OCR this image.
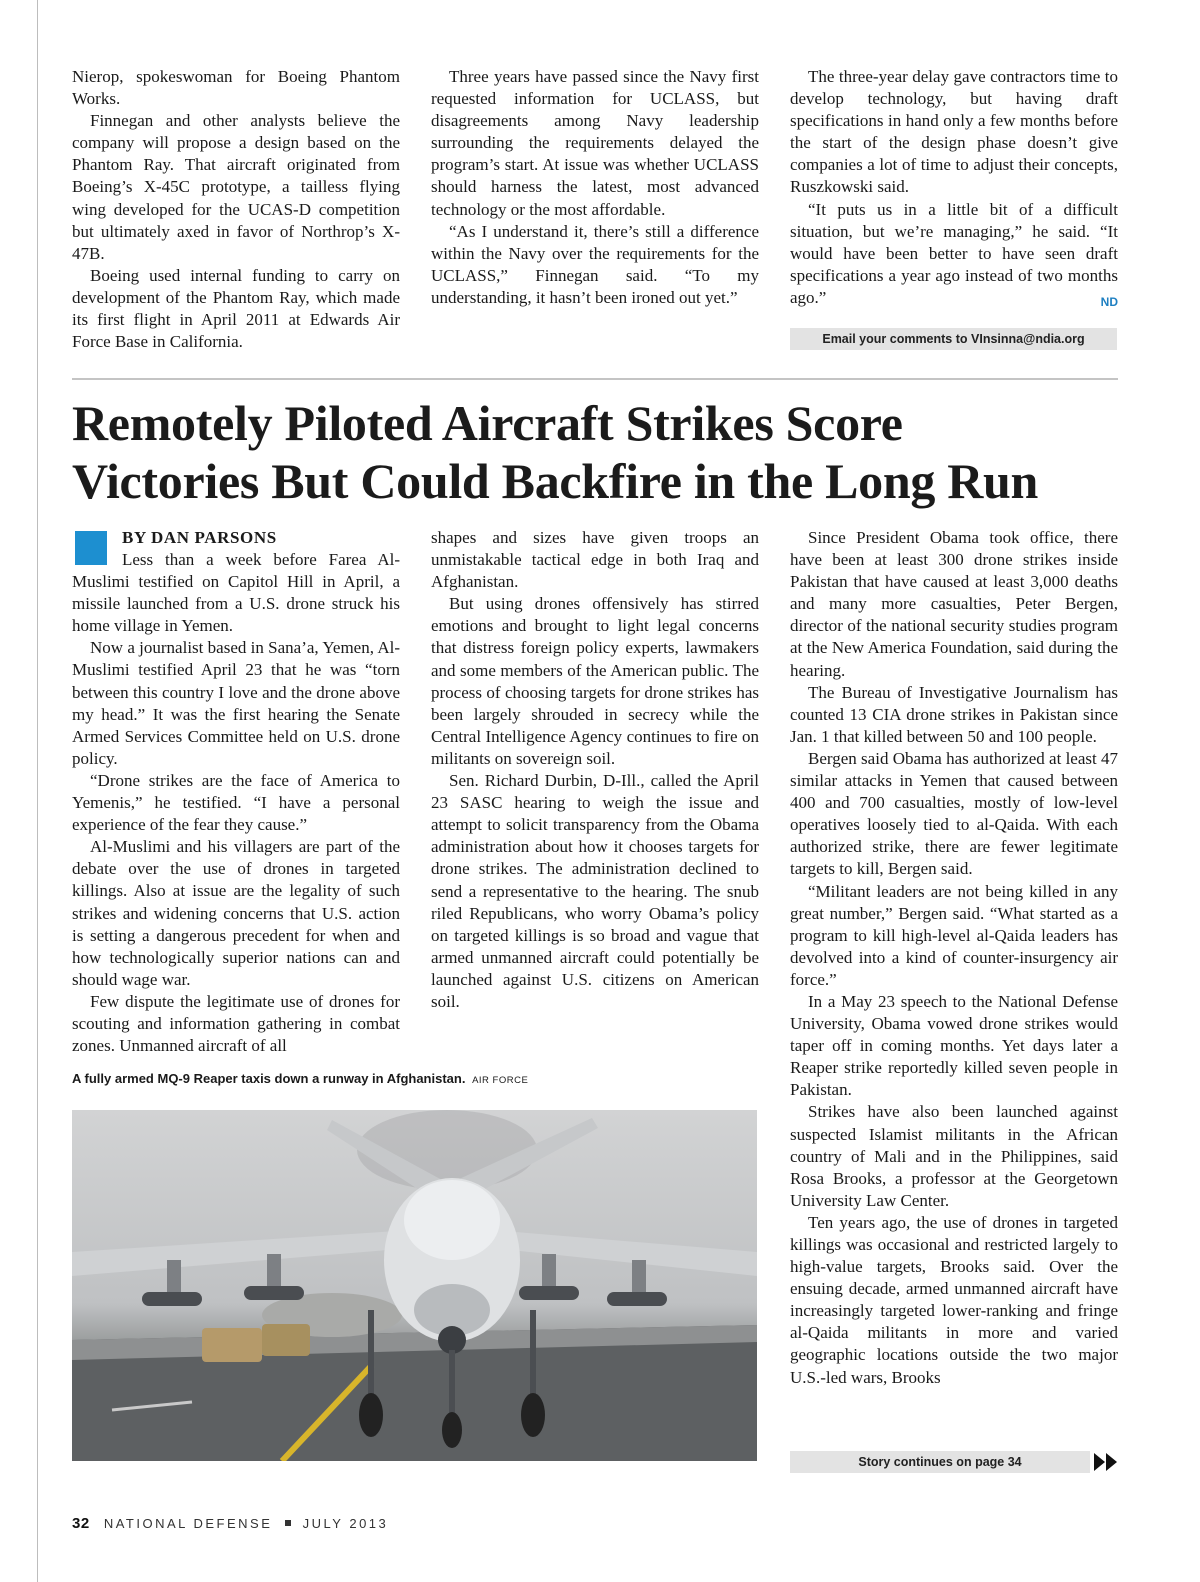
Nierop, spokeswoman for Boeing Phantom Works.

Finnegan and other analysts believe the company will propose a design based on the Phantom Ray. That aircraft originated from Boeing’s X-45C prototype, a tailless flying wing developed for the UCAS-D competition but ultimately axed in favor of Northrop’s X-47B.

Boeing used internal funding to carry on development of the Phantom Ray, which made its first flight in April 2011 at Edwards Air Force Base in California.

Three years have passed since the Navy first requested information for UCLASS, but disagreements among Navy leadership surrounding the requirements delayed the program’s start. At issue was whether UCLASS should harness the latest, most advanced technology or the most affordable.

“As I understand it, there’s still a difference within the Navy over the requirements for the UCLASS,” Finnegan said. “To my understanding, it hasn’t been ironed out yet.”

The three-year delay gave contractors time to develop technology, but having draft specifications in hand only a few months before the start of the design phase doesn’t give companies a lot of time to adjust their concepts, Ruszkowski said.

“It puts us in a little bit of a difficult situation, but we’re managing,” he said. “It would have been better to have seen draft specifications a year ago instead of two months ago.”	ND

Email your comments to VInsinna@ndia.org
Remotely Piloted Aircraft Strikes Score
Victories But Could Backfire in the Long Run
BY DAN PARSONS

Less than a week before Farea Al-Muslimi testified on Capitol Hill in April, a missile launched from a U.S. drone struck his home village in Yemen.

Now a journalist based in Sana’a, Yemen, Al-Muslimi testified April 23 that he was “torn between this country I love and the drone above my head.” It was the first hearing the Senate Armed Services Committee held on U.S. drone policy.

“Drone strikes are the face of America to Yemenis,” he testified. “I have a personal experience of the fear they cause.”

Al-Muslimi and his villagers are part of the debate over the use of drones in targeted killings. Also at issue are the legality of such strikes and widening concerns that U.S. action is setting a dangerous precedent for when and how technologically superior nations can and should wage war.

Few dispute the legitimate use of drones for scouting and information gathering in combat zones. Unmanned aircraft of all

shapes and sizes have given troops an unmistakable tactical edge in both Iraq and Afghanistan.

But using drones offensively has stirred emotions and brought to light legal concerns that distress foreign policy experts, lawmakers and some members of the American public. The process of choosing targets for drone strikes has been largely shrouded in secrecy while the Central Intelligence Agency continues to fire on militants on sovereign soil.

Sen. Richard Durbin, D-Ill., called the April 23 SASC hearing to weigh the issue and attempt to solicit transparency from the Obama administration about how it chooses targets for drone strikes. The administration declined to send a representative to the hearing. The snub riled Republicans, who worry Obama’s policy on targeted killings is so broad and vague that armed unmanned aircraft could potentially be launched against U.S. citizens on American soil.

Since President Obama took office, there have been at least 300 drone strikes inside Pakistan that have caused at least 3,000 deaths and many more casualties, Peter Bergen, director of the national security studies program at the New America Foundation, said during the hearing.

The Bureau of Investigative Journalism has counted 13 CIA drone strikes in Pakistan since Jan. 1 that killed between 50 and 100 people.

Bergen said Obama has authorized at least 47 similar attacks in Yemen that caused between 400 and 700 casualties, mostly of low-level operatives loosely tied to al-Qaida. With each authorized strike, there are fewer legitimate targets to kill, Bergen said.

“Militant leaders are not being killed in any great number,” Bergen said. “What started as a program to kill high-level al-Qaida leaders has devolved into a kind of counter-insurgency air force.”

In a May 23 speech to the National Defense University, Obama vowed drone strikes would taper off in coming months. Yet days later a Reaper strike reportedly killed seven people in Pakistan.

Strikes have also been launched against suspected Islamist militants in the African country of Mali and in the Philippines, said Rosa Brooks, a professor at the Georgetown University Law Center.

Ten years ago, the use of drones in targeted killings was occasional and restricted largely to high-value targets, Brooks said. Over the ensuing decade, armed unmanned aircraft have increasingly targeted lower-ranking and fringe al-Qaida militants in more and varied geographic locations outside the two major U.S.-led wars, Brooks

A fully armed MQ-9 Reaper taxis down a runway in Afghanistan. AIR FORCE
Story continues on page 34
32 NATIONAL DEFENSE JULY 2013
